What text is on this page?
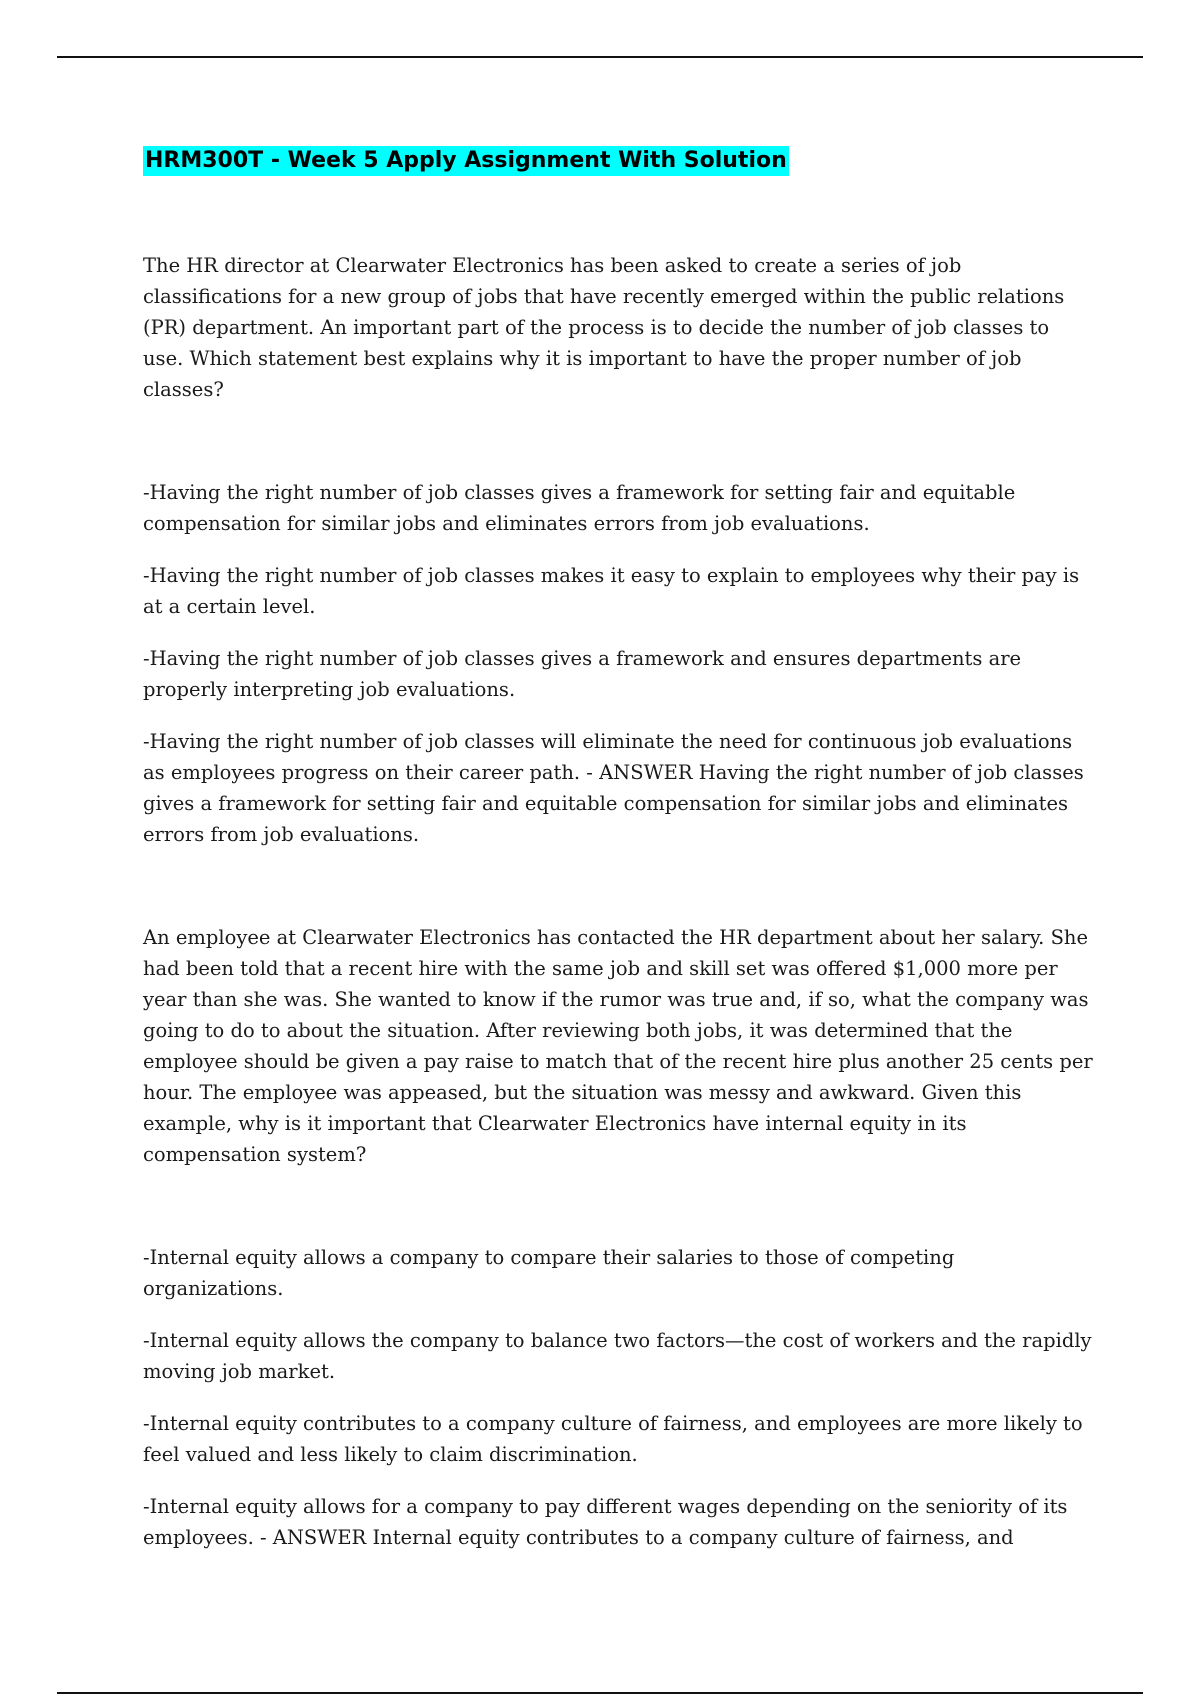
HRM300T - Week 5 Apply Assignment With Solution

The HR director at Clearwater Electronics has been asked to create a series of job classifications for a new group of jobs that have recently emerged within the public relations (PR) department. An important part of the process is to decide the number of job classes to use. Which statement best explains why it is important to have the proper number of job classes?

-Having the right number of job classes gives a framework for setting fair and equitable compensation for similar jobs and eliminates errors from job evaluations.

-Having the right number of job classes makes it easy to explain to employees why their pay is at a certain level.

-Having the right number of job classes gives a framework and ensures departments are properly interpreting job evaluations.

-Having the right number of job classes will eliminate the need for continuous job evaluations as employees progress on their career path. - ANSWER Having the right number of job classes gives a framework for setting fair and equitable compensation for similar jobs and eliminates errors from job evaluations.

An employee at Clearwater Electronics has contacted the HR department about her salary. She had been told that a recent hire with the same job and skill set was offered $1,000 more per year than she was. She wanted to know if the rumor was true and, if so, what the company was going to do to about the situation. After reviewing both jobs, it was determined that the employee should be given a pay raise to match that of the recent hire plus another 25 cents per hour. The employee was appeased, but the situation was messy and awkward. Given this example, why is it important that Clearwater Electronics have internal equity in its compensation system?

-Internal equity allows a company to compare their salaries to those of competing organizations.

-Internal equity allows the company to balance two factors—the cost of workers and the rapidly moving job market.

-Internal equity contributes to a company culture of fairness, and employees are more likely to feel valued and less likely to claim discrimination.

-Internal equity allows for a company to pay different wages depending on the seniority of its employees. - ANSWER Internal equity contributes to a company culture of fairness, and
